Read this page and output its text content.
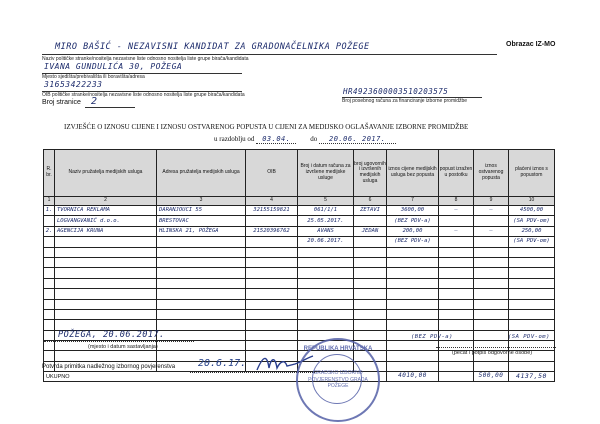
Obrazac IZ-MO
MIRO BAŠIĆ - NEZAVISNI KANDIDAT ZA GRADONAČELNIKA POŽEGE
Naziv političke stranke/nositelja nezavisne liste odnosno nositelja liste grupe birača/kandidata
IVANA GUNDULIĆA 30, POŽEGA
Mjesto sjedišta/prebivališta ili boravišta/adresa
31653422233
OIB političke stranke/nositelja nezavisne liste odnosno nositelja liste grupe birača/kandidata
Broj stranice 2
HR4923600003510203575
Broj posebnog računa za financiranje izborne promidžbe
IZVJEŠĆE O IZNOSU CIJENE I IZNOSU OSTVARENOG POPUSTA U CIJENI ZA MEDIJSKO OGLAŠAVANJE IZBORNE PROMIDŽBE
u razdoblju od 03.04.	do 20.06. 2017.
R. br.	Naziv pružatelja medijskih usluga	Adresa pružatelja medijskih usluga	OIB	Broj i datum računa za izvršene medijske usluge	broj ugovornih i izvršenih medijskih usluga	iznos cijene medijskih usluga bez popusta	popust izražen u postotku	iznos ostvarenog popusta	plaćeni iznos s popustom
1	2	3	4	5	6	7	8	9	10
1.	TVORNICA REKLAMA	DARANJOUCI 55	32155159821	061/1/1	ZETAVI	3600,00	—	—	4500,00
	LOGVANGVANIĆ d.o.o.	BRESTOVAC		25.05.2017.		(BEZ PDV-a)			(SA PDV-om)
2.	AGENCIJA KRUNA	HLINSKA 21, POŽEGA	21520396762	AVANS	JEDAN	200,00	—	—	250,00
				20.06.2017.		(BEZ PDV-a)			(SA PDV-om)

UKUPNO						4010,00		500,00	4137,50
(BEZ PDV-a)	(SA PDV-om)
POŽEGA, 20.06.2017.
(mjesto i datum sastavljanja)
(pečat i potpis odgovorne osobe)
Potvrda primitka nadležnog izbornog povjerenstva 20.6.17.
REPUBLIKA HRVATSKA
GRADSKO IZBORNO POVJERENSTVO GRADA POŽEGE
